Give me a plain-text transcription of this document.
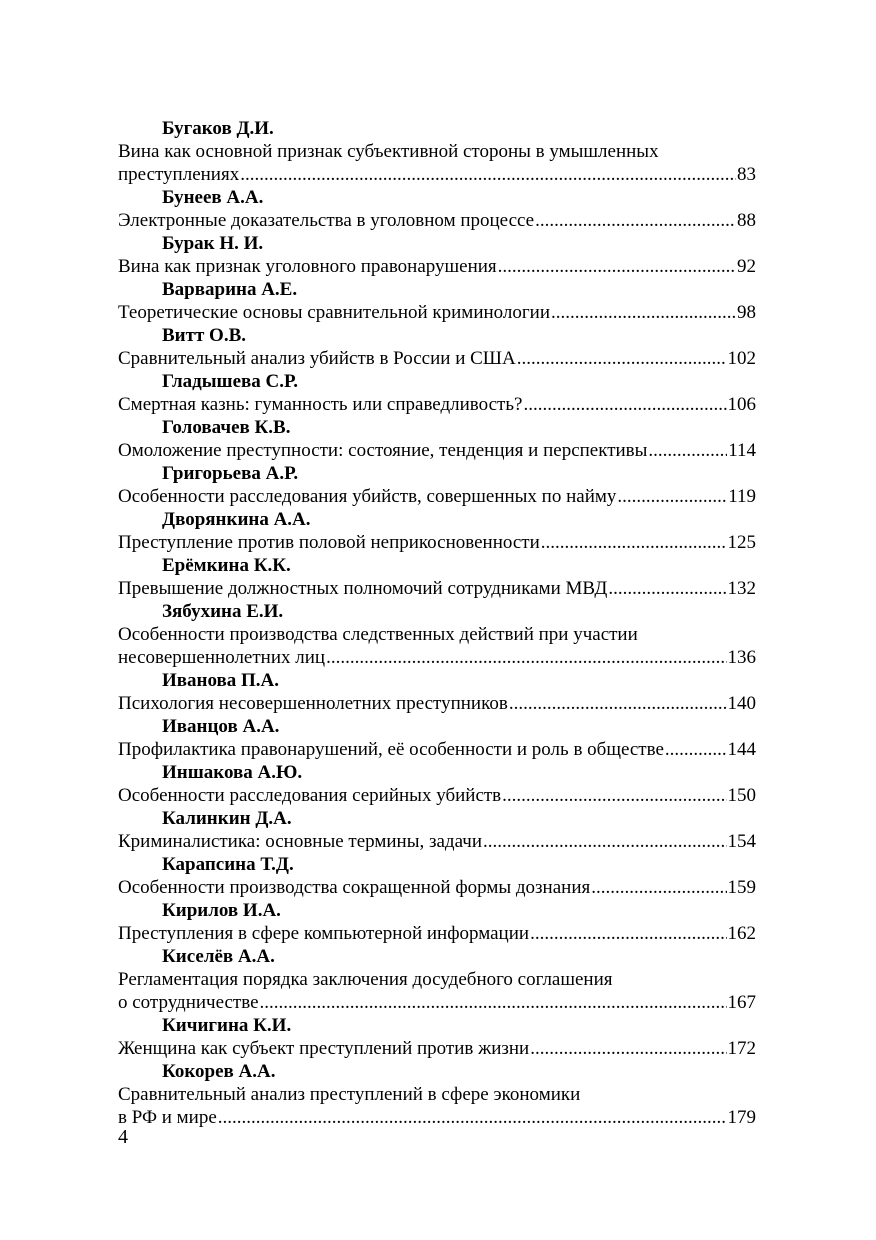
Бугаков Д.И.
Вина как основной признак субъективной стороны в умышленных
преступлениях .....	83
Бунеев А.А.
Электронные доказательства в уголовном процессе .....	88
Бурак Н. И.
Вина как признак уголовного правонарушения .....	92
Варварина А.Е.
Теоретические основы сравнительной криминологии .....	98
Витт О.В.
Сравнительный анализ убийств в России и США .....	102
Гладышева С.Р.
Смертная казнь: гуманность или справедливость? .....	106
Головачев К.В.
Омоложение преступности: состояние, тенденция и перспективы .....	114
Григорьева А.Р.
Особенности расследования убийств, совершенных по найму .....	119
Дворянкина А.А.
Преступление против половой неприкосновенности .....	125
Ерёмкина К.К.
Превышение должностных полномочий сотрудниками МВД .....	132
Зябухина Е.И.
Особенности производства следственных действий при участии
несовершеннолетних лиц .....	136
Иванова П.А.
Психология несовершеннолетних преступников .....	140
Иванцов А.А.
Профилактика правонарушений, её особенности и роль в обществе .....	144
Иншакова А.Ю.
Особенности расследования серийных убийств .....	150
Калинкин Д.А.
Криминалистика: основные термины, задачи .....	154
Карапсина Т.Д.
Особенности производства сокращенной формы дознания .....	159
Кирилов И.А.
Преступления в сфере компьютерной информации .....	162
Киселёв А.А.
Регламентация порядка заключения досудебного соглашения
о сотрудничестве .....	167
Кичигина К.И.
Женщина как субъект преступлений против жизни .....	172
Кокорев А.А.
Сравнительный анализ преступлений в сфере экономики
в РФ и мире .....	179
4
